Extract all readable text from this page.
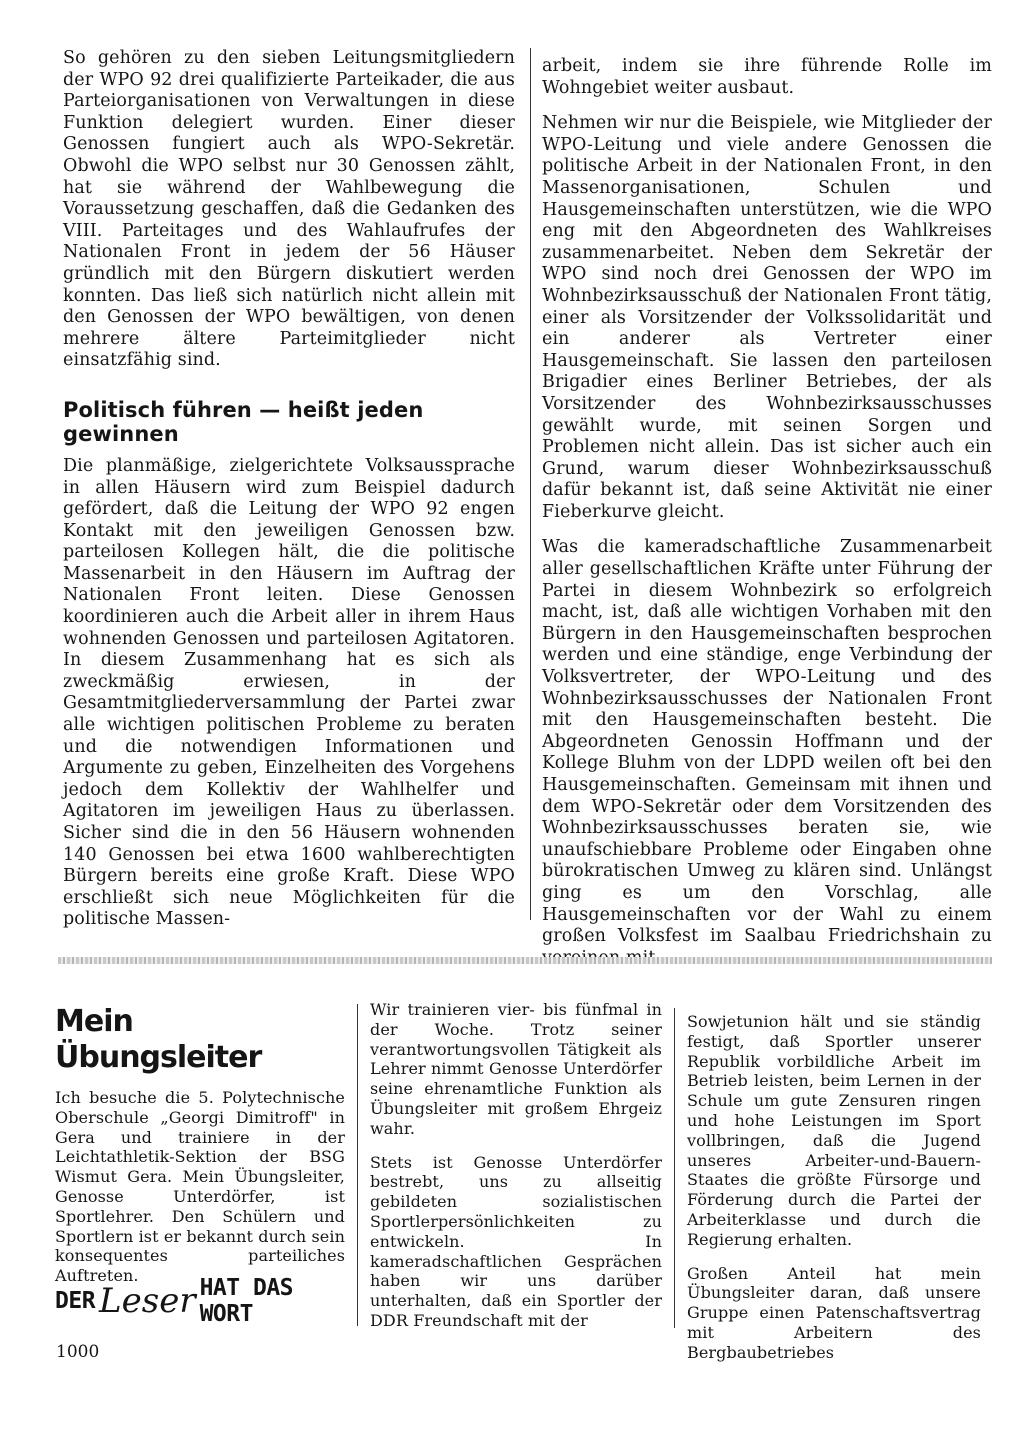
So gehören zu den sieben Leitungsmitgliedern der WPO 92 drei qualifizierte Parteikader, die aus Parteiorganisationen von Verwaltungen in diese Funktion delegiert wurden. Einer dieser Genossen fungiert auch als WPO-Sekretär. Obwohl die WPO selbst nur 30 Genossen zählt, hat sie während der Wahlbewegung die Voraussetzung geschaffen, daß die Gedanken des VIII. Parteitages und des Wahlaufrufes der Nationalen Front in jedem der 56 Häuser gründlich mit den Bürgern diskutiert werden konnten. Das ließ sich natürlich nicht allein mit den Genossen der WPO bewältigen, von denen mehrere ältere Parteimitglieder nicht einsatzfähig sind.

Politisch führen — heißt jeden gewinnen

Die planmäßige, zielgerichtete Volksaussprache in allen Häusern wird zum Beispiel dadurch gefördert, daß die Leitung der WPO 92 engen Kontakt mit den jeweiligen Genossen bzw. parteilosen Kollegen hält, die die politische Massenarbeit in den Häusern im Auftrag der Nationalen Front leiten. Diese Genossen koordinieren auch die Arbeit aller in ihrem Haus wohnenden Genossen und parteilosen Agitatoren. In diesem Zusammenhang hat es sich als zweckmäßig erwiesen, in der Gesamtmitgliederversammlung der Partei zwar alle wichtigen politischen Probleme zu beraten und die notwendigen Informationen und Argumente zu geben, Einzelheiten des Vorgehens jedoch dem Kollektiv der Wahlhelfer und Agitatoren im jeweiligen Haus zu überlassen. Sicher sind die in den 56 Häusern wohnenden 140 Genossen bei etwa 1600 wahlberechtigten Bürgern bereits eine große Kraft. Diese WPO erschließt sich neue Möglichkeiten für die politische Massen-

arbeit, indem sie ihre führende Rolle im Wohngebiet weiter ausbaut.

Nehmen wir nur die Beispiele, wie Mitglieder der WPO-Leitung und viele andere Genossen die politische Arbeit in der Nationalen Front, in den Massenorganisationen, Schulen und Hausgemeinschaften unterstützen, wie die WPO eng mit den Abgeordneten des Wahlkreises zusammenarbeitet. Neben dem Sekretär der WPO sind noch drei Genossen der WPO im Wohnbezirksausschuß der Nationalen Front tätig, einer als Vorsitzender der Volkssolidarität und ein anderer als Vertreter einer Hausgemeinschaft. Sie lassen den parteilosen Brigadier eines Berliner Betriebes, der als Vorsitzender des Wohnbezirksausschusses gewählt wurde, mit seinen Sorgen und Problemen nicht allein. Das ist sicher auch ein Grund, warum dieser Wohnbezirksausschuß dafür bekannt ist, daß seine Aktivität nie einer Fieberkurve gleicht.

Was die kameradschaftliche Zusammenarbeit aller gesellschaftlichen Kräfte unter Führung der Partei in diesem Wohnbezirk so erfolgreich macht, ist, daß alle wichtigen Vorhaben mit den Bürgern in den Hausgemeinschaften besprochen werden und eine ständige, enge Verbindung der Volksvertreter, der WPO-Leitung und des Wohnbezirksausschusses der Nationalen Front mit den Hausgemeinschaften besteht. Die Abgeordneten Genossin Hoffmann und der Kollege Bluhm von der LDPD weilen oft bei den Hausgemeinschaften. Gemeinsam mit ihnen und dem WPO-Sekretär oder dem Vorsitzenden des Wohnbezirksausschusses beraten sie, wie unaufschiebbare Probleme oder Eingaben ohne bürokratischen Umweg zu klären sind. Unlängst ging es um den Vorschlag, alle Hausgemeinschaften vor der Wahl zu einem großen Volksfest im Saalbau Friedrichshain zu

Mein Übungsleiter

Ich besuche die 5. Polytechnische Oberschule „Georgi Dimitroff" in Gera und trainiere in der Leichtathletik-Sektion der BSG Wismut Gera. Mein Übungsleiter, Genosse Unterdörfer, ist Sportlehrer. Den Schülern und Sportlern ist er bekannt durch sein konsequentes parteiliches Auftreten.

DER Leser HAT DAS WORT

Wir trainieren vier- bis fünfmal in der Woche. Trotz seiner verantwortungsvollen Tätigkeit als Lehrer nimmt Genosse Unterdörfer seine ehrenamtliche Funktion als Übungsleiter mit großem Ehrgeiz wahr.

Stets ist Genosse Unterdörfer bestrebt, uns zu allseitig gebildeten sozialistischen Sportlerpersönlichkeiten zu entwickeln. In kameradschaftlichen Gesprächen haben wir uns darüber unterhalten, daß ein Sportler der DDR Freundschaft mit der

Sowjetunion hält und sie ständig festigt, daß Sportler unserer Republik vorbildliche Arbeit im Betrieb leisten, beim Lernen in der Schule um gute Zensuren ringen und hohe Leistungen im Sport vollbringen, daß die Jugend unseres Arbeiter-und-Bauern-Staates die größte Fürsorge und Förderung durch die Partei der Arbeiterklasse und durch die Regierung erhalten.

Großen Anteil hat mein Übungsleiter daran, daß unsere Gruppe einen Patenschaftsvertrag mit Arbeitern des Bergbaubetriebes

1000
